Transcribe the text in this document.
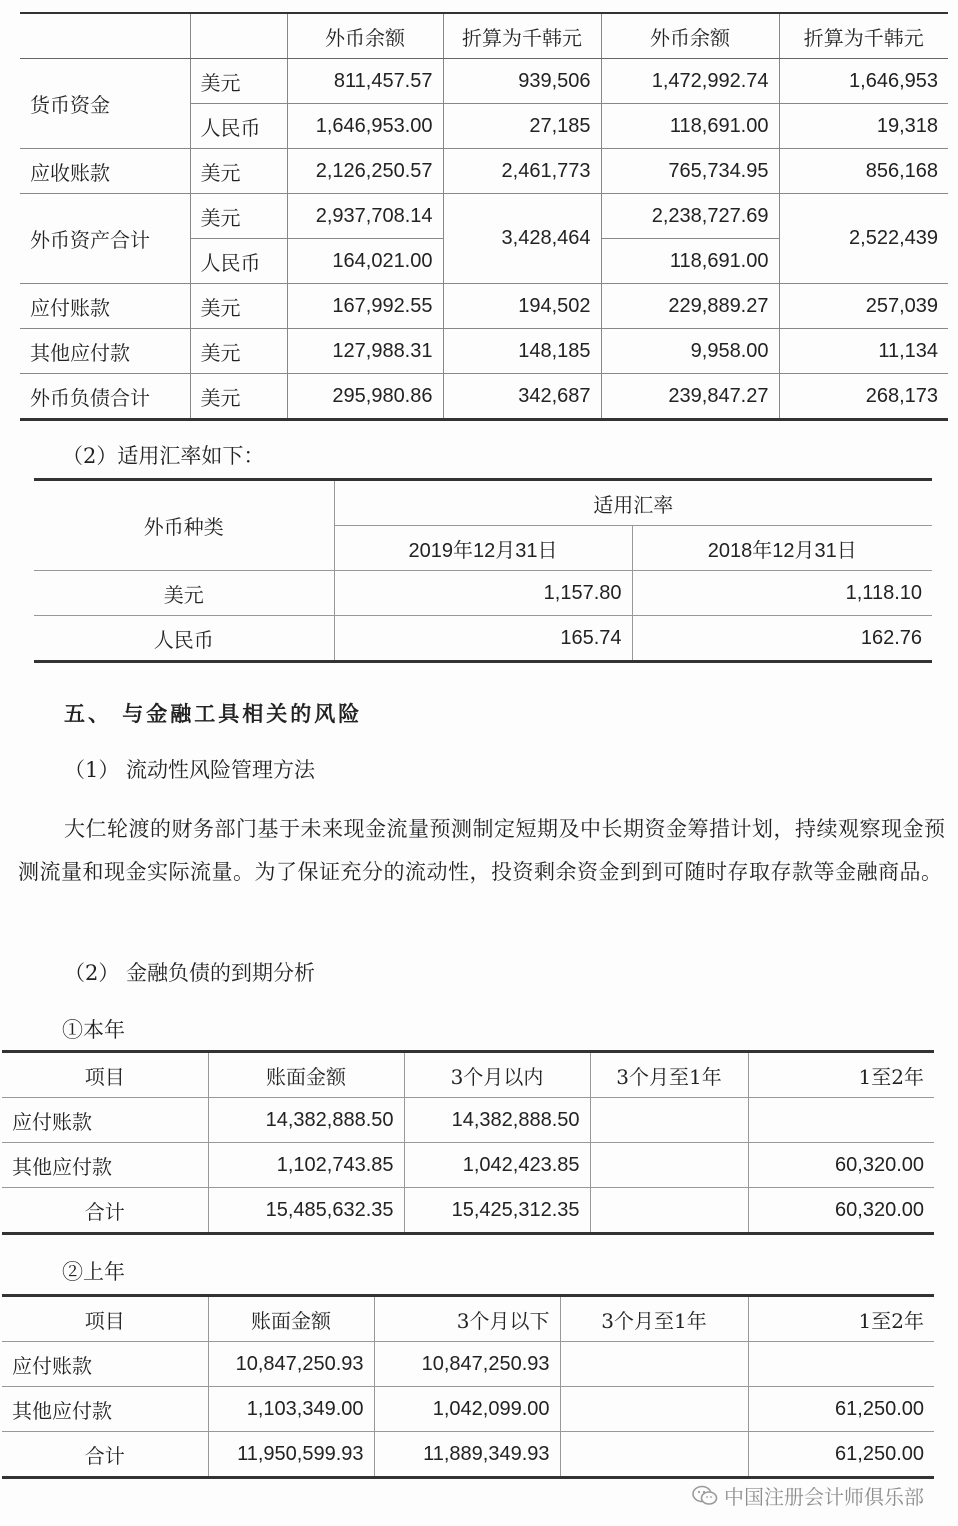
		外币余额	折算为千韩元	外币余额	折算为千韩元
货币资金	美元	811,457.57	939,506	1,472,992.74	1,646,953
	人民币	1,646,953.00	27,185	118,691.00	19,318
应收账款	美元	2,126,250.57	2,461,773	765,734.95	856,168
外币资产合计	美元	2,937,708.14	3,428,464	2,238,727.69	2,522,439
	人民币	164,021.00		118,691.00	
应付账款	美元	167,992.55	194,502	229,889.27	257,039
其他应付款	美元	127,988.31	148,185	9,958.00	11,134
外币负债合计	美元	295,980.86	342,687	239,847.27	268,173
（2）适用汇率如下：
外币种类	适用汇率	
	2019年12月31日	2018年12月31日
美元	1,157.80	1,118.10
人民币	165.74	162.76
五、 与金融工具相关的风险
（1） 流动性风险管理方法
大仁轮渡的财务部门基于未来现金流量预测制定短期及中长期资金筹措计划，持续观察现金预测流量和现金实际流量。为了保证充分的流动性，投资剩余资金到到可随时存取存款等金融商品。
（2） 金融负债的到期分析
①本年
项目	账面金额	3个月以内	3个月至1年	1至2年
应付账款	14,382,888.50	14,382,888.50		
其他应付款	1,102,743.85	1,042,423.85		60,320.00
合计	15,485,632.35	15,425,312.35		60,320.00
②上年
项目	账面金额	3个月以下	3个月至1年	1至2年
应付账款	10,847,250.93	10,847,250.93		
其他应付款	1,103,349.00	1,042,099.00		61,250.00
合计	11,950,599.93	11,889,349.93		61,250.00
中国注册会计师俱乐部
